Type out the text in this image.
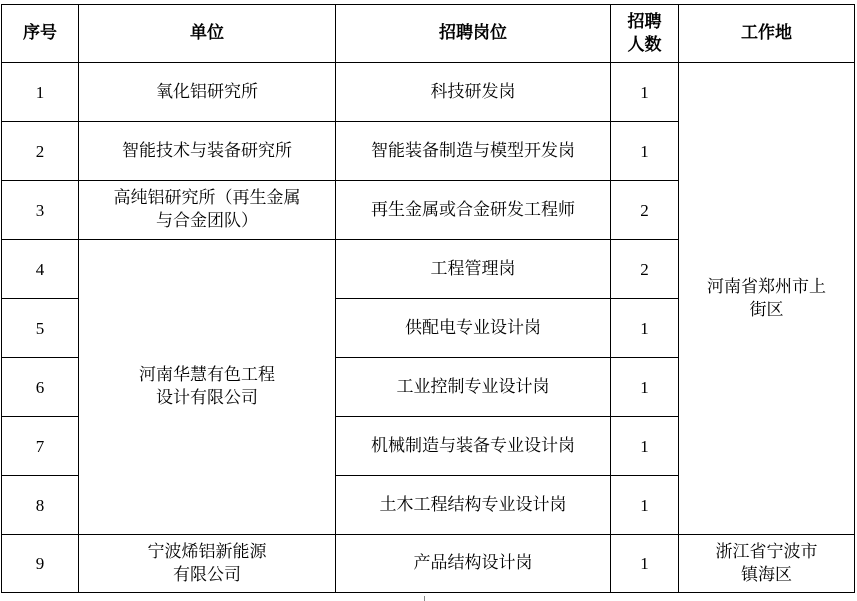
序号	单位	招聘岗位	招聘
人数	工作地
1	氧化铝研究所	科技研发岗	1	河南省郑州市上
街区
2	智能技术与装备研究所	智能装备制造与模型开发岗	1	
3	高纯铝研究所（再生金属
与合金团队）	再生金属或合金研发工程师	2	
4	河南华慧有色工程
设计有限公司	工程管理岗	2	
5		供配电专业设计岗	1	
6		工业控制专业设计岗	1	
7		机械制造与装备专业设计岗	1	
8		土木工程结构专业设计岗	1	
9	宁波烯铝新能源
有限公司	产品结构设计岗	1	浙江省宁波市
镇海区
